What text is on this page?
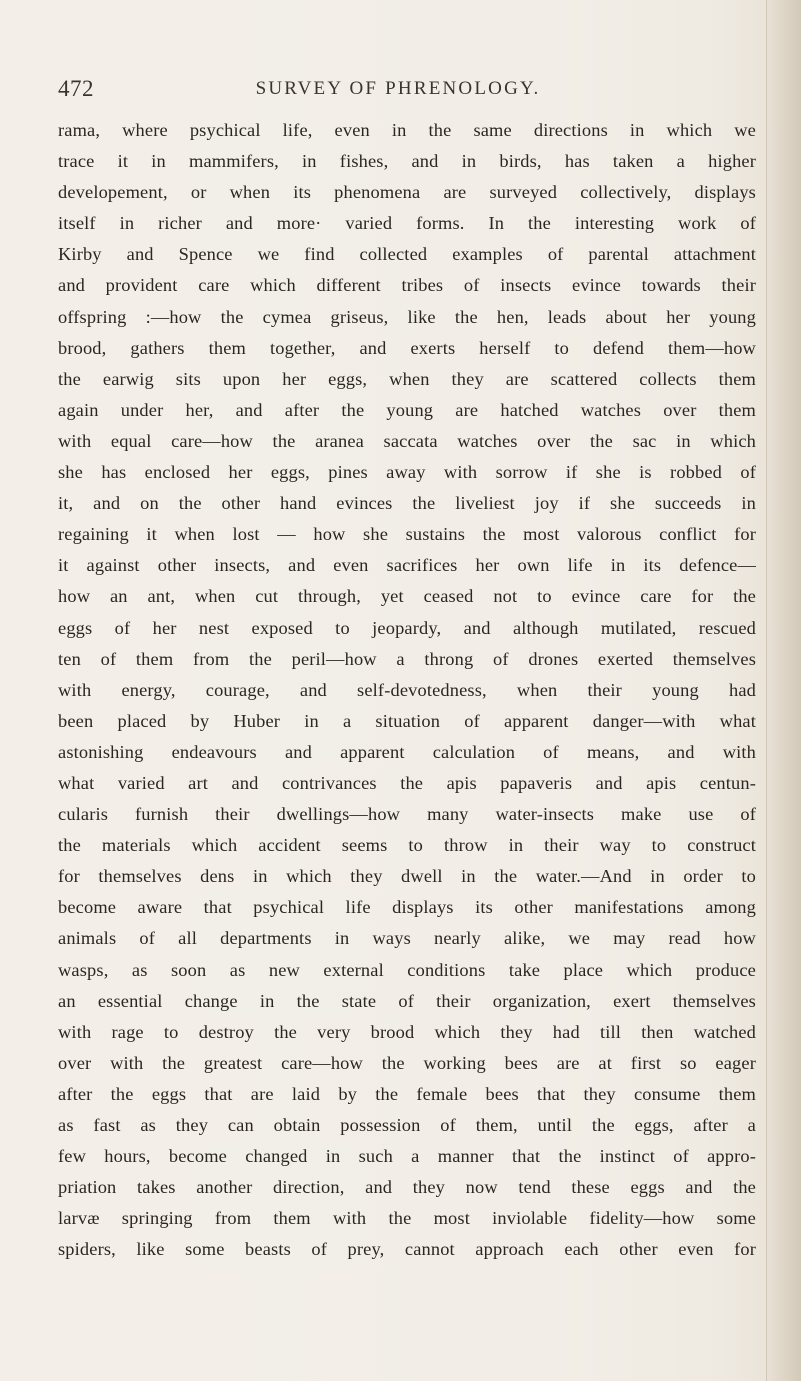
472	SURVEY OF PHRENOLOGY.
rama, where psychical life, even in the same directions in which we
trace it in mammifers, in fishes, and in birds, has taken a higher
developement, or when its phenomena are surveyed collectively, displays
itself in richer and more· varied forms. In the interesting work of
Kirby and Spence we find collected examples of parental attachment
and provident care which different tribes of insects evince towards their
offspring :—how the cymea griseus, like the hen, leads about her young
brood, gathers them together, and exerts herself to defend them—how
the earwig sits upon her eggs, when they are scattered collects them
again under her, and after the young are hatched watches over them
with equal care—how the aranea saccata watches over the sac in which
she has enclosed her eggs, pines away with sorrow if she is robbed of
it, and on the other hand evinces the liveliest joy if she succeeds in
regaining it when lost — how she sustains the most valorous conflict for
it against other insects, and even sacrifices her own life in its defence—
how an ant, when cut through, yet ceased not to evince care for the
eggs of her nest exposed to jeopardy, and although mutilated, rescued
ten of them from the peril—how a throng of drones exerted themselves
with energy, courage, and self-devotedness, when their young had
been placed by Huber in a situation of apparent danger—with what
astonishing endeavours and apparent calculation of means, and with
what varied art and contrivances the apis papaveris and apis centun-
cularis furnish their dwellings—how many water-insects make use of
the materials which accident seems to throw in their way to construct
for themselves dens in which they dwell in the water.—And in order to
become aware that psychical life displays its other manifestations among
animals of all departments in ways nearly alike, we may read how
wasps, as soon as new external conditions take place which produce
an essential change in the state of their organization, exert themselves
with rage to destroy the very brood which they had till then watched
over with the greatest care—how the working bees are at first so eager
after the eggs that are laid by the female bees that they consume them
as fast as they can obtain possession of them, until the eggs, after a
few hours, become changed in such a manner that the instinct of appro-
priation takes another direction, and they now tend these eggs and the
larvæ springing from them with the most inviolable fidelity—how some
spiders, like some beasts of prey, cannot approach each other even for
